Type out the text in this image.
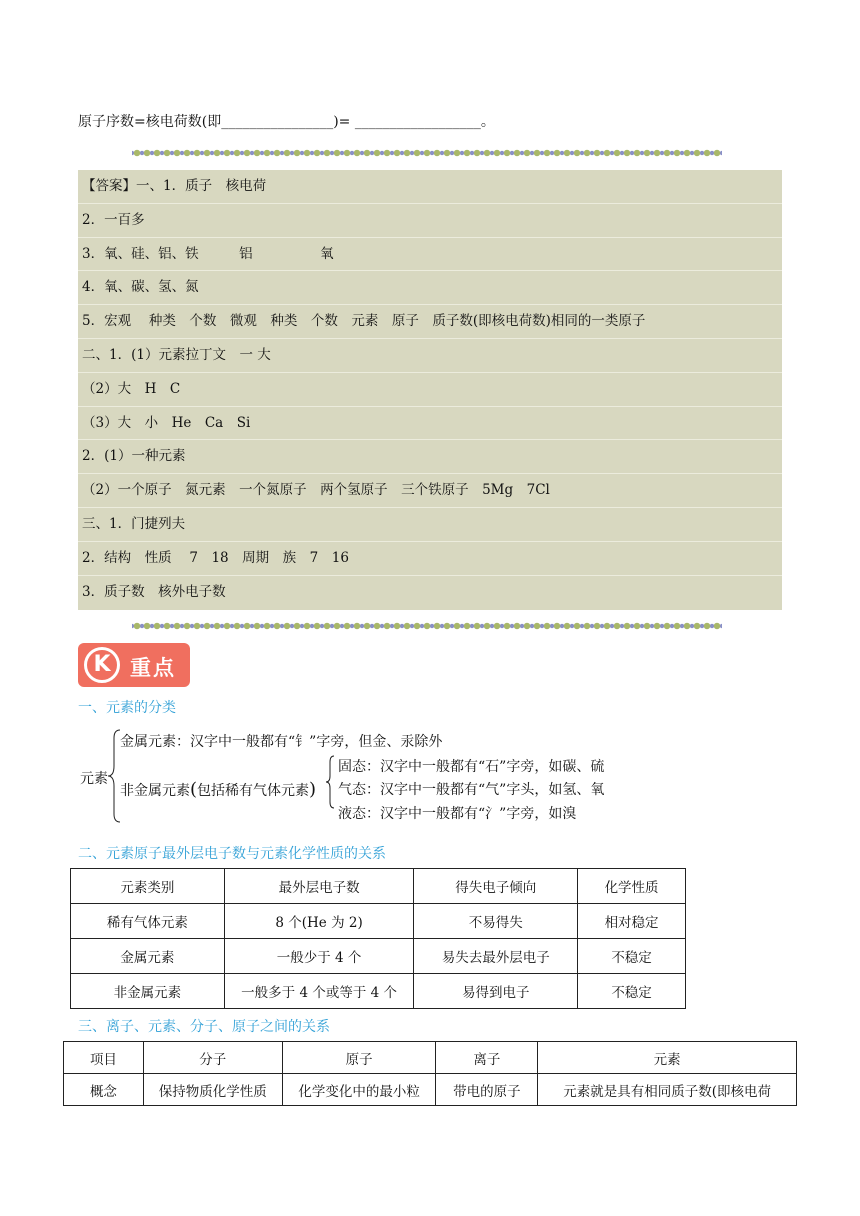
原子序数=核电荷数(即________________)= __________________。
【答案】一、1．质子　核电荷
2．一百多
3．氧、硅、铝、铁　　　铝　　　　　氧
4．氧、碳、氢、氮
5．宏观　 种类　个数　微观　种类　个数　元素　原子　质子数(即核电荷数)相同的一类原子
二、1．(1）元素拉丁文　一 大
（2）大　H　C
（3）大　小　He　Ca　Si
2．(1）一种元素
（2）一个原子　氮元素　一个氮原子　两个氢原子　三个铁原子　5Mg　7Cl
三、1．门捷列夫
2．结构　性质　 7　18　周期　族　7　16
3．质子数　核外电子数
K 重点
一、元素的分类
元素
金属元素：汉字中一般都有“钅”字旁，但金、汞除外
非金属元素(包括稀有气体元素)
固态：汉字中一般都有“石”字旁，如碳、硫
气态：汉字中一般都有“气”字头，如氢、氧
液态：汉字中一般都有“氵”字旁，如溴
二、元素原子最外层电子数与元素化学性质的关系
元素类别	最外层电子数	得失电子倾向	化学性质
稀有气体元素	8 个(He 为 2)	不易得失	相对稳定
金属元素	一般少于 4 个	易失去最外层电子	不稳定
非金属元素	一般多于 4 个或等于 4 个	易得到电子	不稳定
三、离子、元素、分子、原子之间的关系
项目	分子	原子	离子	元素
概念	保持物质化学性质	化学变化中的最小粒	带电的原子	元素就是具有相同质子数(即核电荷
